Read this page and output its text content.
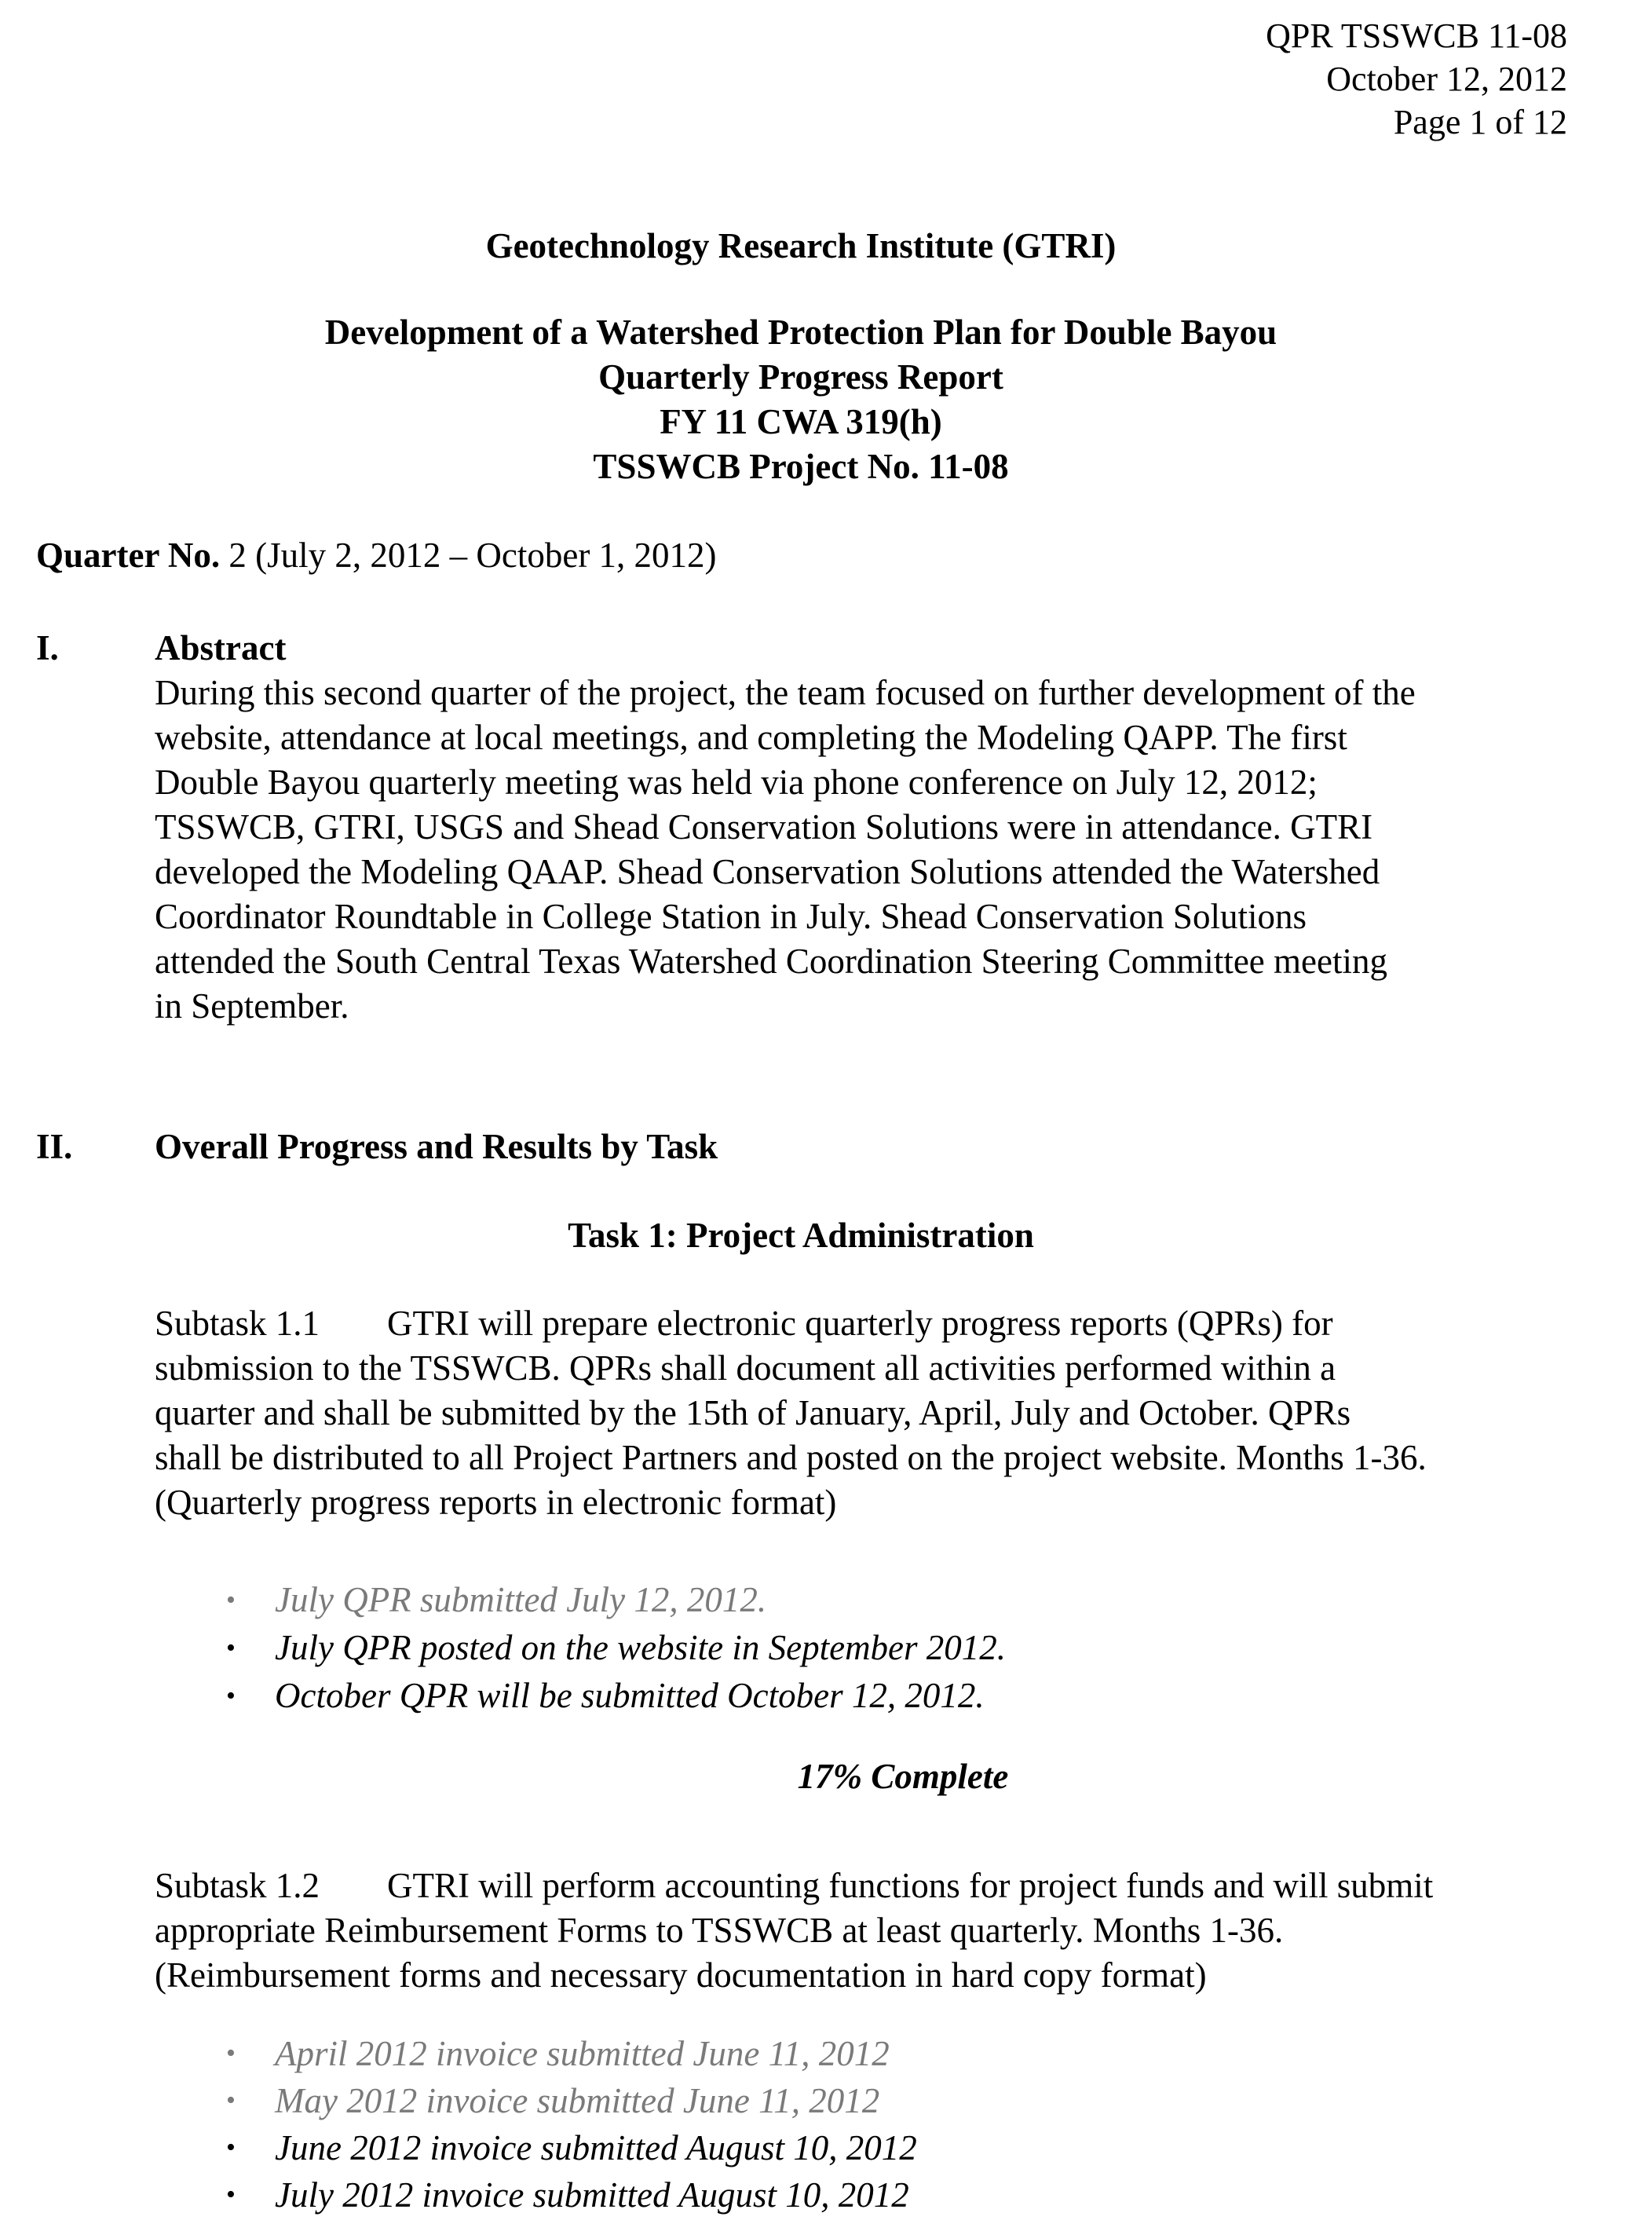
QPR TSSWCB 11-08
October 12, 2012
Page 1 of 12
Geotechnology Research Institute (GTRI)
Development of a Watershed Protection Plan for Double Bayou
Quarterly Progress Report
FY 11 CWA 319(h)
TSSWCB Project No. 11-08
Quarter No. 2 (July 2, 2012 – October 1, 2012)
I.	Abstract
During this second quarter of the project, the team focused on further development of the
website, attendance at local meetings, and completing the Modeling QAPP. The first
Double Bayou quarterly meeting was held via phone conference on July 12, 2012;
TSSWCB, GTRI, USGS and Shead Conservation Solutions were in attendance. GTRI
developed the Modeling QAAP. Shead Conservation Solutions attended the Watershed
Coordinator Roundtable in College Station in July. Shead Conservation Solutions
attended the South Central Texas Watershed Coordination Steering Committee meeting
in September.
II. Overall Progress and Results by Task
Task 1: Project Administration
Subtask 1.1 GTRI will prepare electronic quarterly progress reports (QPRs) for
submission to the TSSWCB. QPRs shall document all activities performed within a
quarter and shall be submitted by the 15th of January, April, July and October. QPRs
shall be distributed to all Project Partners and posted on the project website. Months 1-36.
(Quarterly progress reports in electronic format)
• July QPR submitted July 12, 2012.
• July QPR posted on the website in September 2012.
• October QPR will be submitted October 12, 2012.
17% Complete
Subtask 1.2 GTRI will perform accounting functions for project funds and will submit
appropriate Reimbursement Forms to TSSWCB at least quarterly. Months 1-36.
(Reimbursement forms and necessary documentation in hard copy format)
• April 2012 invoice submitted June 11, 2012
• May 2012 invoice submitted June 11, 2012
• June 2012 invoice submitted August 10, 2012
• July 2012 invoice submitted August 10, 2012
